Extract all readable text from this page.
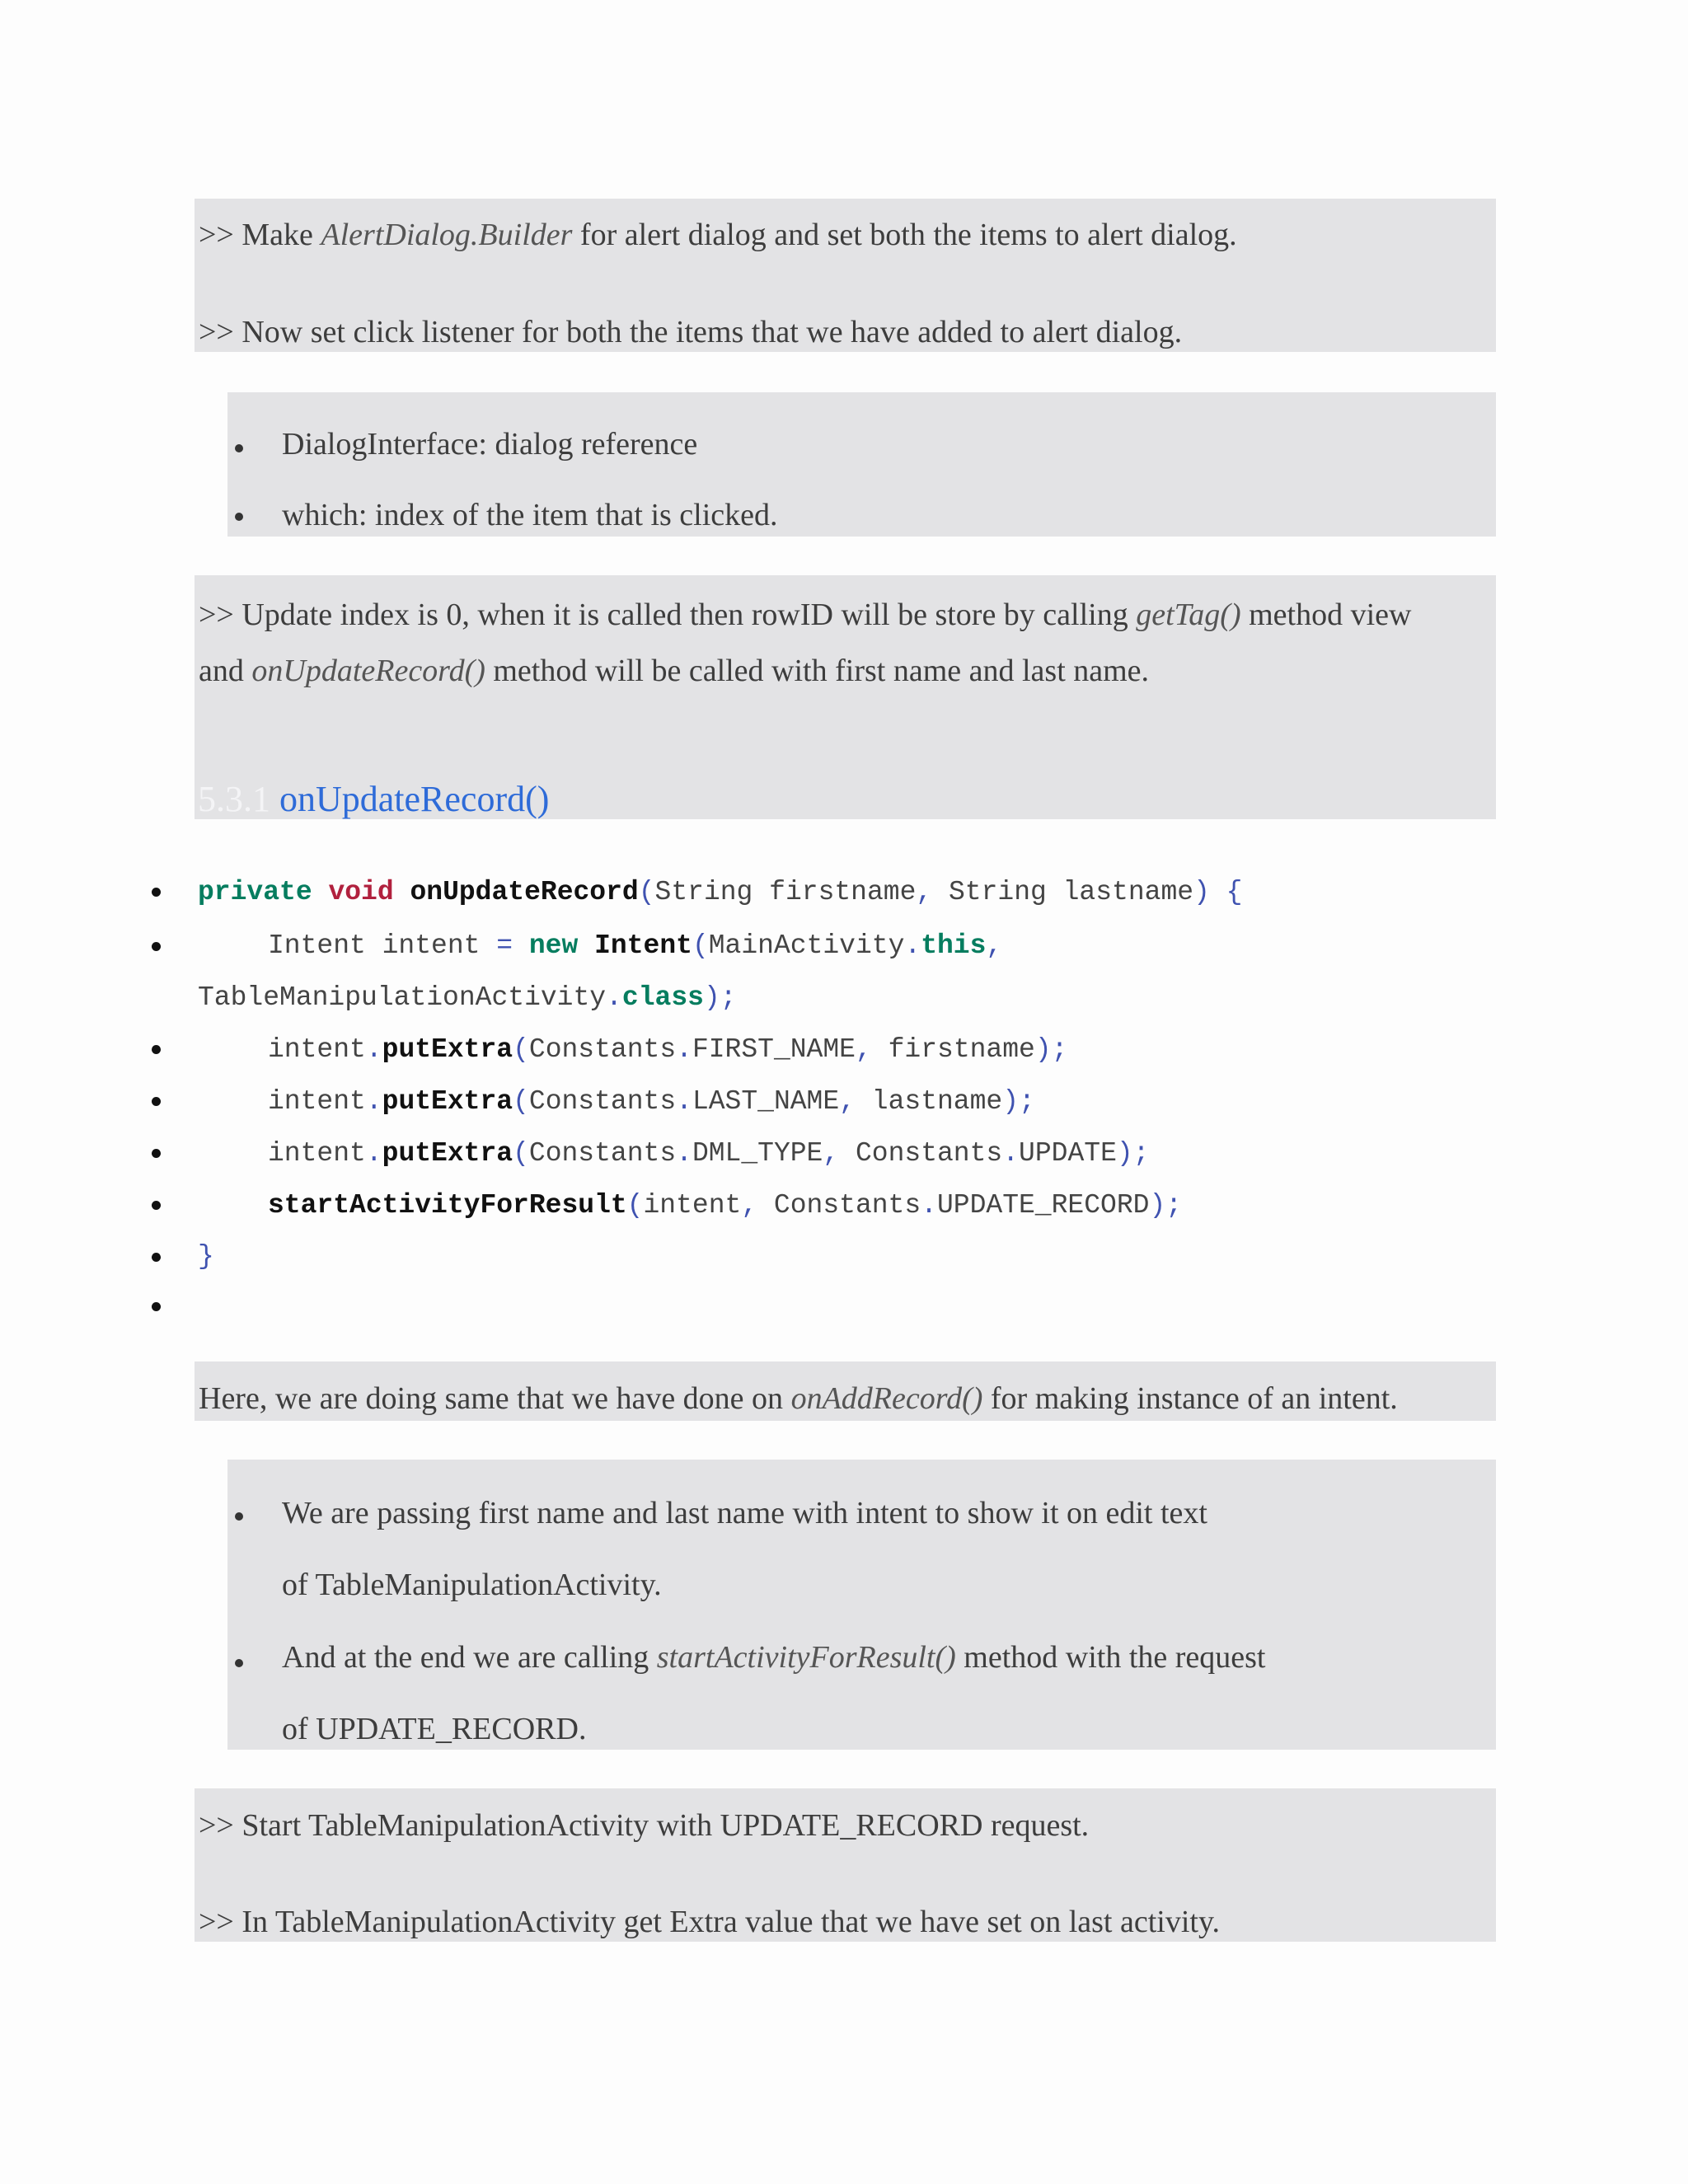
>> Make AlertDialog.Builder for alert dialog and set both the items to alert dialog.
>> Now set click listener for both the items that we have added to alert dialog.
DialogInterface: dialog reference
which: index of the item that is clicked.
>> Update index is 0, when it is called then rowID will be store by calling getTag() method view
and onUpdateRecord() method will be called with first name and last name.
5.3.1 onUpdateRecord()
private void onUpdateRecord(String firstname, String lastname) {
Intent intent = new Intent(MainActivity.this,
TableManipulationActivity.class);
intent.putExtra(Constants.FIRST_NAME, firstname);
intent.putExtra(Constants.LAST_NAME, lastname);
intent.putExtra(Constants.DML_TYPE, Constants.UPDATE);
startActivityForResult(intent, Constants.UPDATE_RECORD);
}
Here, we are doing same that we have done on onAddRecord() for making instance of an intent.
We are passing first name and last name with intent to show it on edit text
of TableManipulationActivity.
And at the end we are calling startActivityForResult() method with the request
of UPDATE_RECORD.
>> Start TableManipulationActivity with UPDATE_RECORD request.
>> In TableManipulationActivity get Extra value that we have set on last activity.
